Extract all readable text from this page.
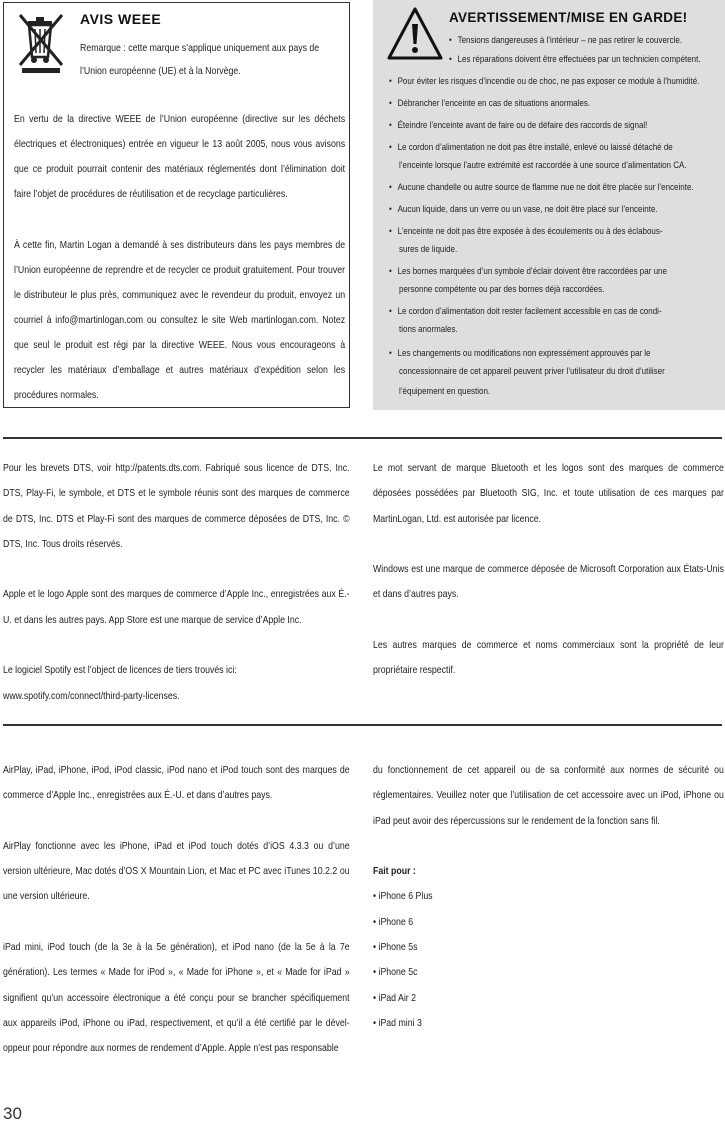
AVIS WEEE
Remarque : cette marque s’applique uniquement aux pays de l’Union européenne (UE) et à la Norvège.
En vertu de la directive WEEE de l’Union européenne (directive sur les déchets électriques et électroniques) entrée en vigueur le 13 août 2005, nous vous avisons que ce produit pourrait contenir des matériaux réglementés dont l’élimination doit faire l’objet de procédures de réutilisation et de recyclage particulières.
À cette fin, Martin Logan a demandé à ses distributeurs dans les pays membres de l’Union européenne de reprendre et de recycler ce produit gratuitement. Pour trouver le distributeur le plus près, communiquez avec le revendeur du produit, envoyez un courriel à info@martinlogan.com ou consultez le site Web martinlogan.com. Notez que seul le produit est régi par la directive WEEE. Nous vous encourageons à recycler les matériaux d’emballage et autres matériaux d’expédition selon les procédures normales.
AVERTISSEMENT/MISE EN GARDE!
• Tensions dangereuses à l’intérieur – ne pas retirer le couvercle.
• Les réparations doivent être effectuées par un technicien compétent.
• Pour éviter les risques d’incendie ou de choc, ne pas exposer ce module à l’humidité.
• Débrancher l’enceinte en cas de situations anormales.
• Éteindre l’enceinte avant de faire ou de défaire des raccords de signal!
• Le cordon d’alimentation ne doit pas être installé, enlevé ou laissé détaché de
l’enceinte lorsque l’autre extrémité est raccordée à une source d’alimentation CA.
• Aucune chandelle ou autre source de flamme nue ne doit être placée sur l’enceinte.
• Aucun liquide, dans un verre ou un vase, ne doit être placé sur l’enceinte.
• L’enceinte ne doit pas être exposée à des écoulements ou à des éclabous-
sures de liquide.
• Les bornes marquées d’un symbole d’éclair doivent être raccordées par une
personne compétente ou par des bornes déjà raccordées.
• Le cordon d’alimentation doit rester facilement accessible en cas de condi-
tions anormales.
• Les changements ou modifications non expressément approuvés par le
concessionnaire de cet appareil peuvent priver l’utilisateur du droit d’utiliser
l’équipement en question.

Pour les brevets DTS, voir http://patents.dts.com. Fabriqué sous licence de DTS, Inc. DTS, Play-Fi, le symbole, et DTS et le symbole réunis sont des marques de commerce de DTS, Inc. DTS et Play-Fi sont des marques de commerce déposées de DTS, Inc. © DTS, Inc. Tous droits réservés.

Apple et le logo Apple sont des marques de commerce d’Apple Inc., enregistrées aux É.-U. et dans les autres pays. App Store est une marque de service d’Apple Inc.

Le logiciel Spotify est l’object de licences de tiers trouvés ici:

www.spotify.com/connect/third-party-licenses.

Le mot servant de marque Bluetooth et les logos sont des marques de commerce déposées possédées par Bluetooth SIG, Inc. et toute utilisation de ces marques par MartinLogan, Ltd. est autorisée par licence.

Windows est une marque de commerce déposée de Microsoft Corporation aux États-Unis et dans d’autres pays.

Les autres marques de commerce et noms commerciaux sont la propriété de leur propriétaire respectif.

AirPlay, iPad, iPhone, iPod, iPod classic, iPod nano et iPod touch sont des marques de commerce d’Apple Inc., enregistrées aux É.-U. et dans d’autres pays.

AirPlay fonctionne avec les iPhone, iPad et iPod touch dotés d’iOS 4.3.3 ou d’une version ultérieure, Mac dotés d’OS X Mountain Lion, et Mac et PC avec iTunes 10.2.2 ou une version ultérieure.

iPad mini, iPod touch (de la 3e à la 5e génération), et iPod nano (de la 5e à la 7e génération). Les termes « Made for iPod », « Made for iPhone », et « Made for iPad » signifient qu’un accessoire électronique a été conçu pour se brancher spécifiquement aux appareils iPod, iPhone ou iPad, respectivement, et qu’il a été certifié par le dével-oppeur pour répondre aux normes de rendement d’Apple. Apple n’est pas responsable

du fonctionnement de cet appareil ou de sa conformité aux normes de sécurité ou réglementaires. Veuillez noter que l’utilisation de cet accessoire avec un iPod, iPhone ou iPad peut avoir des répercussions sur le rendement de la fonction sans fil.

Fait pour :

• iPhone 6 Plus

• iPhone 6

• iPhone 5s

• iPhone 5c

• iPad Air 2

• iPad mini 3

30
